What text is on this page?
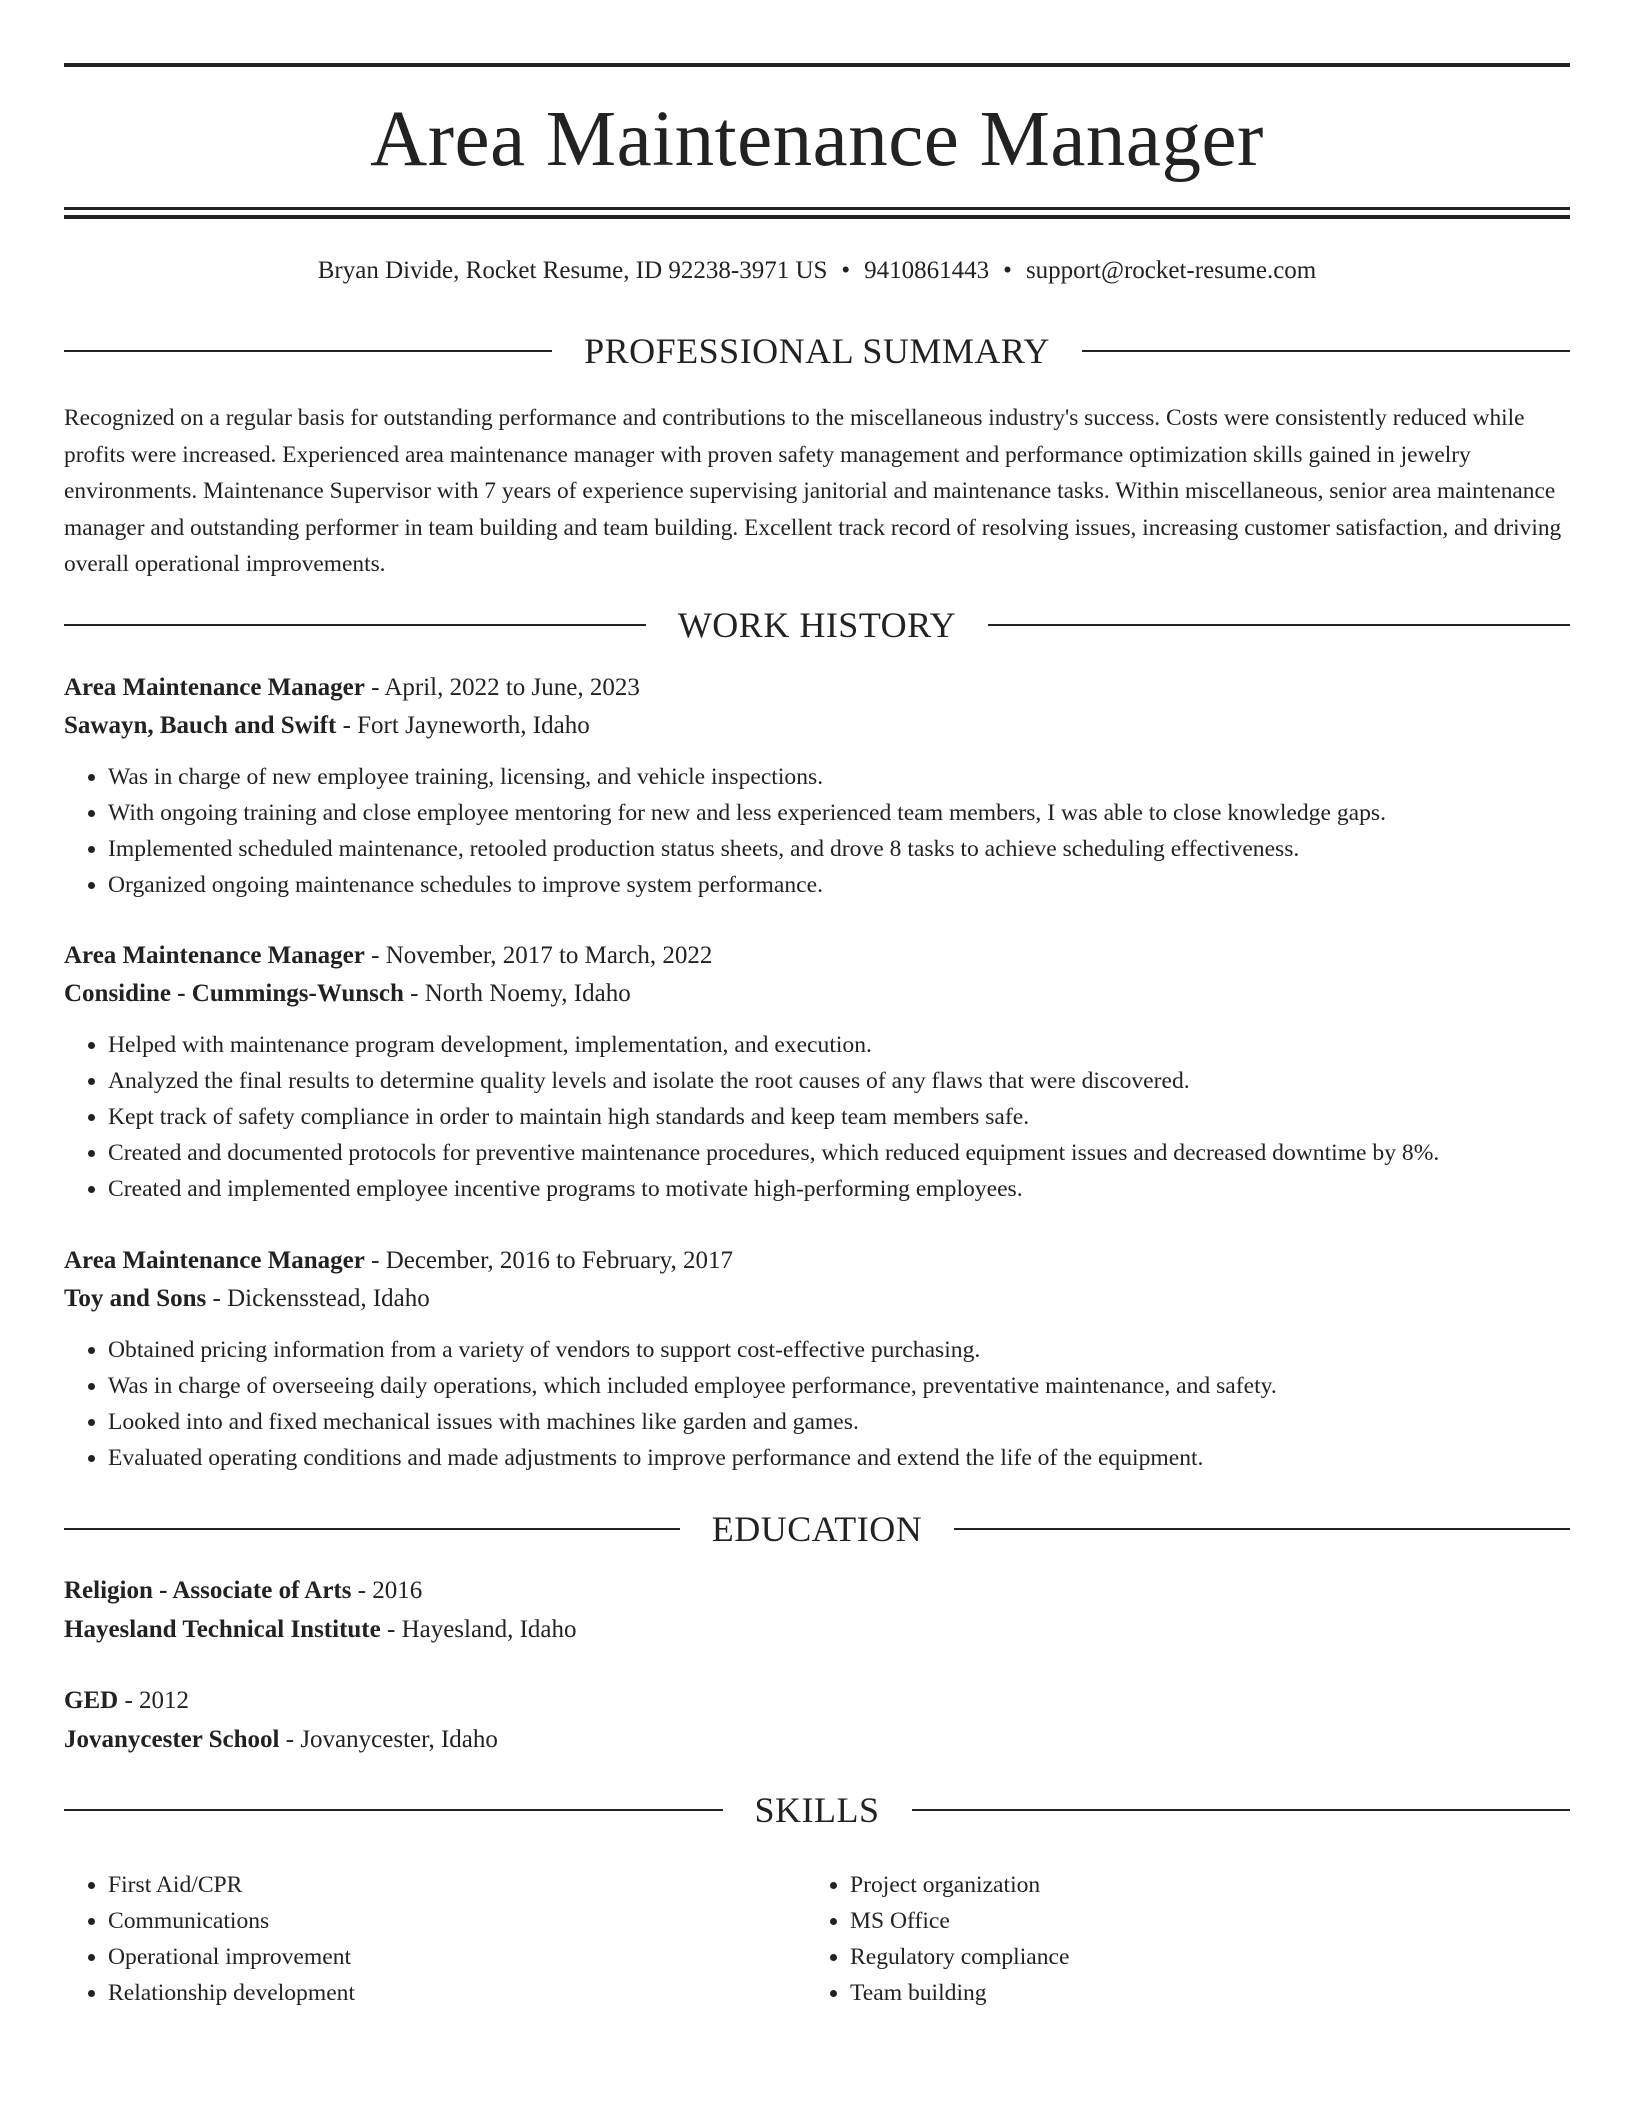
Area Maintenance Manager
Bryan Divide, Rocket Resume, ID 92238-3971 US • 9410861443 • support@rocket-resume.com
PROFESSIONAL SUMMARY

Recognized on a regular basis for outstanding performance and contributions to the miscellaneous industry's success. Costs were consistently reduced while profits were increased. Experienced area maintenance manager with proven safety management and performance optimization skills gained in jewelry environments. Maintenance Supervisor with 7 years of experience supervising janitorial and maintenance tasks. Within miscellaneous, senior area maintenance manager and outstanding performer in team building and team building. Excellent track record of resolving issues, increasing customer satisfaction, and driving overall operational improvements.

WORK HISTORY
Area Maintenance Manager - April, 2022 to June, 2023
Sawayn, Bauch and Swift - Fort Jayneworth, Idaho
• Was in charge of new employee training, licensing, and vehicle inspections.
• With ongoing training and close employee mentoring for new and less experienced team members, I was able to close knowledge gaps.
• Implemented scheduled maintenance, retooled production status sheets, and drove 8 tasks to achieve scheduling effectiveness.
• Organized ongoing maintenance schedules to improve system performance.
Area Maintenance Manager - November, 2017 to March, 2022
Considine - Cummings-Wunsch - North Noemy, Idaho
• Helped with maintenance program development, implementation, and execution.
• Analyzed the final results to determine quality levels and isolate the root causes of any flaws that were discovered.
• Kept track of safety compliance in order to maintain high standards and keep team members safe.
• Created and documented protocols for preventive maintenance procedures, which reduced equipment issues and decreased downtime by 8%.
• Created and implemented employee incentive programs to motivate high-performing employees.
Area Maintenance Manager - December, 2016 to February, 2017
Toy and Sons - Dickensstead, Idaho
• Obtained pricing information from a variety of vendors to support cost-effective purchasing.
• Was in charge of overseeing daily operations, which included employee performance, preventative maintenance, and safety.
• Looked into and fixed mechanical issues with machines like garden and games.
• Evaluated operating conditions and made adjustments to improve performance and extend the life of the equipment.
EDUCATION
Religion - Associate of Arts - 2016
Hayesland Technical Institute - Hayesland, Idaho
GED - 2012
Jovanycester School - Jovanycester, Idaho
SKILLS
• First Aid/CPR
• Communications
• Operational improvement
• Relationship development
• Project organization
• MS Office
• Regulatory compliance
• Team building
